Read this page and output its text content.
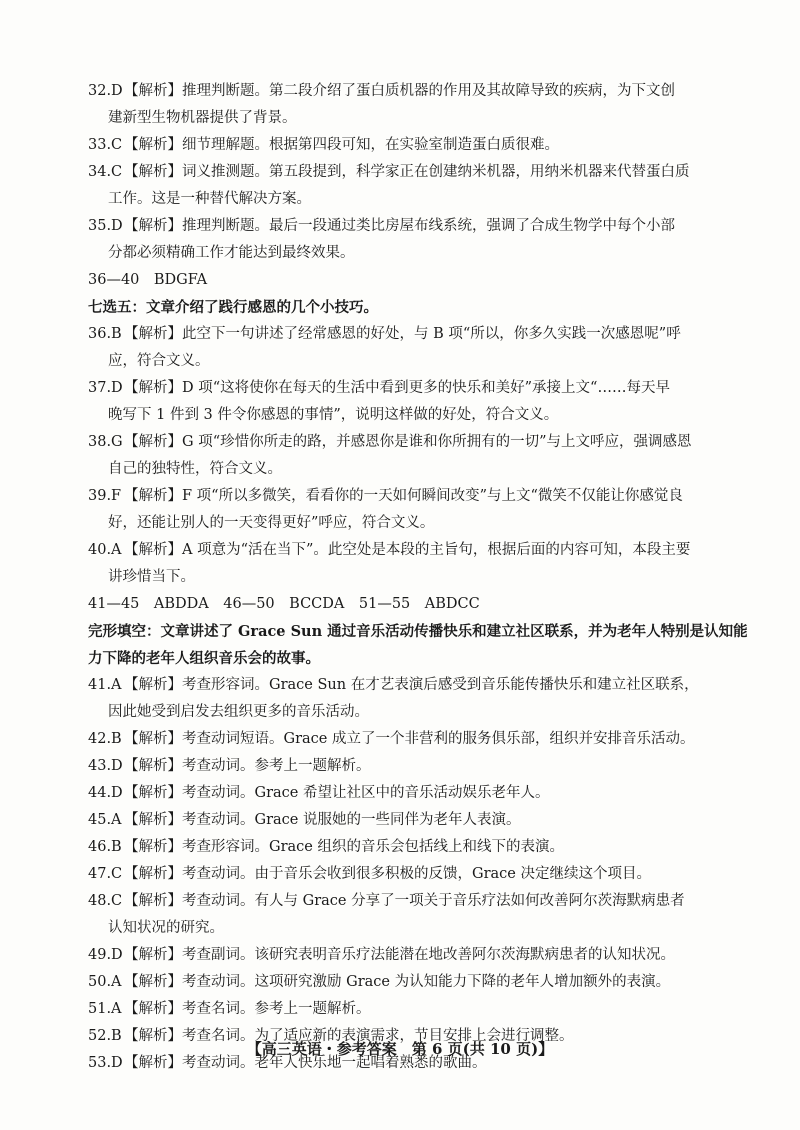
32.D【解析】推理判断题。第二段介绍了蛋白质机器的作用及其故障导致的疾病，为下文创
建新型生物机器提供了背景。
33.C 【解析】细节理解题。根据第四段可知，在实验室制造蛋白质很难。
34.C 【解析】词义推测题。第五段提到，科学家正在创建纳米机器，用纳米机器来代替蛋白质
工作。这是一种替代解决方案。
35.D【解析】推理判断题。最后一段通过类比房屋布线系统，强调了合成生物学中每个小部
分都必须精确工作才能达到最终效果。
36—40　 BDGFA
七选五：文章介绍了践行感恩的几个小技巧。
36.B 【解析】此空下一句讲述了经常感恩的好处，与 B 项“所以，你多久实践一次感恩呢”呼
应，符合文义。
37.D【解析】D 项“这将使你在每天的生活中看到更多的快乐和美好”承接上文“……每天早
晚写下 1 件到 3 件令你感恩的事情”，说明这样做的好处，符合文义。
38.G【解析】G 项“珍惜你所走的路，并感恩你是谁和你所拥有的一切”与上文呼应，强调感恩
自己的独特性，符合文义。
39.F 【解析】F 项“所以多微笑，看看你的一天如何瞬间改变”与上文“微笑不仅能让你感觉良
好，还能让别人的一天变得更好”呼应，符合文义。
40.A 【解析】A 项意为“活在当下”。此空处是本段的主旨句，根据后面的内容可知，本段主要
讲珍惜当下。
41—45　 ABDDA　46—50　BCCDA　51—55　ABDCC
完形填空：文章讲述了 Grace Sun 通过音乐活动传播快乐和建立社区联系，并为老年人特别是认知能力下降的老年人组织音乐会的故事。
41.A 【解析】考查形容词。Grace Sun 在才艺表演后感受到音乐能传播快乐和建立社区联系，
因此她受到启发去组织更多的音乐活动。
42.B 【解析】考查动词短语。Grace 成立了一个非营利的服务俱乐部，组织并安排音乐活动。
43.D【解析】考查动词。参考上一题解析。
44.D【解析】考查动词。Grace 希望让社区中的音乐活动娱乐老年人。
45.A 【解析】考查动词。Grace 说服她的一些同伴为老年人表演。
46.B 【解析】考查形容词。Grace 组织的音乐会包括线上和线下的表演。
47.C 【解析】考查动词。由于音乐会收到很多积极的反馈，Grace 决定继续这个项目。
48.C 【解析】考查动词。有人与 Grace 分享了一项关于音乐疗法如何改善阿尔茨海默病患者
认知状况的研究。
49.D【解析】考查副词。该研究表明音乐疗法能潜在地改善阿尔茨海默病患者的认知状况。
50.A 【解析】考查动词。这项研究激励 Grace 为认知能力下降的老年人增加额外的表演。
51.A 【解析】考查名词。参考上一题解析。
52.B 【解析】考查名词。为了适应新的表演需求，节目安排上会进行调整。
53.D【解析】考查动词。老年人快乐地一起唱着熟悉的歌曲。
【高三英语・参考答案　第 6 页(共 10 页)】
